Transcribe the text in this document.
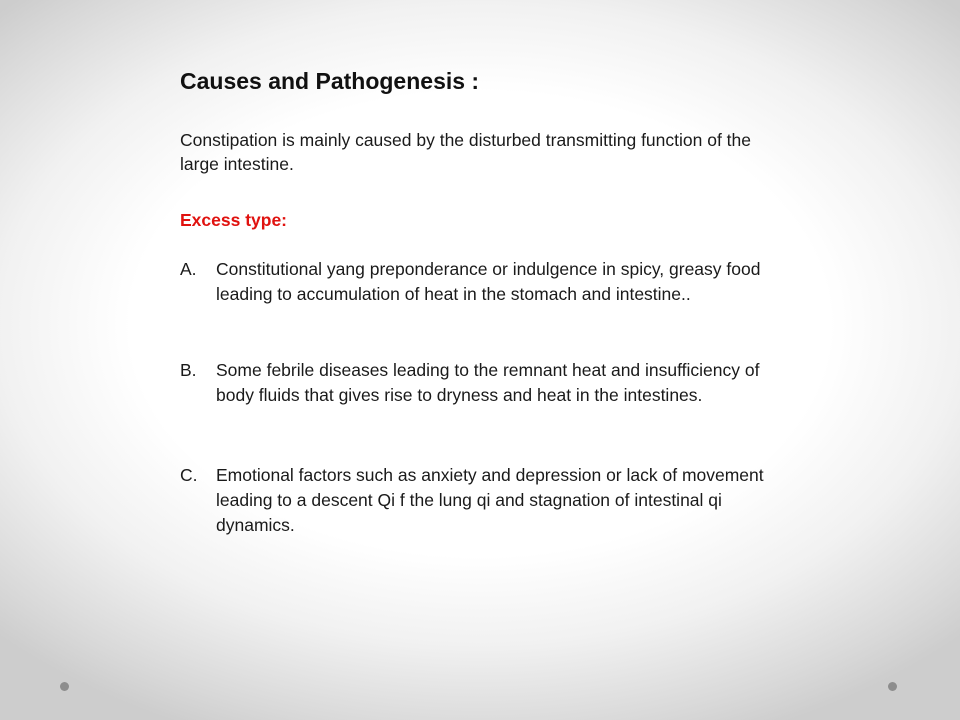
Causes and Pathogenesis :
Constipation is mainly caused by the disturbed transmitting function of the large intestine.
Excess type:
A.	Constitutional yang preponderance or indulgence in spicy, greasy food leading to accumulation of heat in the stomach and intestine..
B.	Some febrile diseases leading to the remnant heat and insufficiency of body fluids that gives rise to dryness and heat in the intestines.
C.	Emotional factors such as anxiety and depression or lack of movement leading to a descent Qi f the lung qi and stagnation of intestinal qi dynamics.
